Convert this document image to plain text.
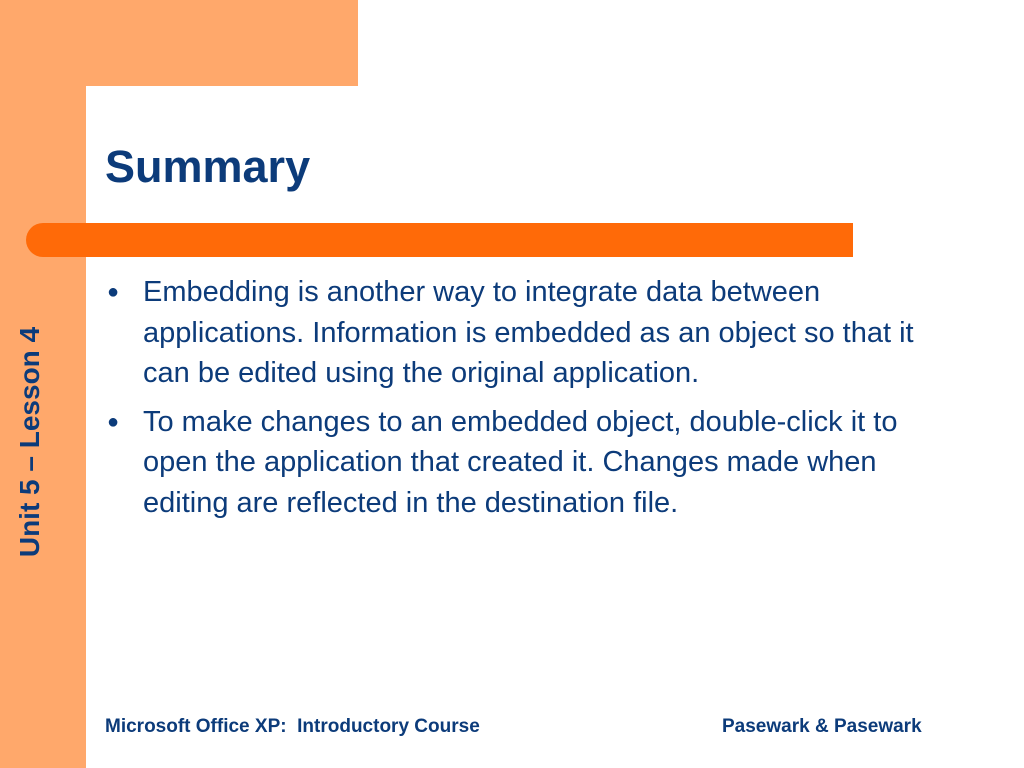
Summary
Unit 5 – Lesson 4
● Embedding is another way to integrate data between applications. Information is embedded as an object so that it can be edited using the original application.
● To make changes to an embedded object, double-click it to open the application that created it. Changes made when editing are reflected in the destination file.
Microsoft Office XP:  Introductory Course	Pasewark & Pasewark
